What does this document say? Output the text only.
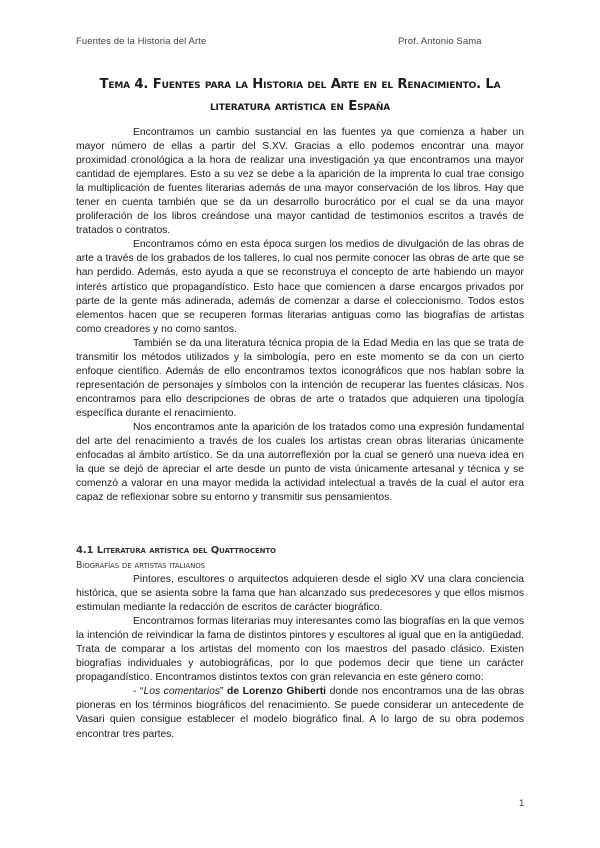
Fuentes de la Historia del Arte	Prof. Antonio Sama
Tema 4. Fuentes para la Historia del Arte en el Renacimiento. La literatura artística en España

Encontramos un cambio sustancial en las fuentes ya que comienza a haber un mayor número de ellas a partir del S.XV. Gracias a ello podemos encontrar una mayor proximidad cronológica a la hora de realizar una investigación ya que encontramos una mayor cantidad de ejemplares. Esto a su vez se debe a la aparición de la imprenta lo cual trae consigo la multiplicación de fuentes literarias además de una mayor conservación de los libros. Hay que tener en cuenta también que se da un desarrollo burocrático por el cual se da una mayor proliferación de los libros creándose una mayor cantidad de testimonios escritos a través de tratados o contratos.

Encontramos cómo en esta época surgen los medios de divulgación de las obras de arte a través de los grabados de los talleres, lo cual nos permite conocer las obras de arte que se han perdido. Además, esto ayuda a que se reconstruya el concepto de arte habiendo un mayor interés artístico que propagandístico. Esto hace que comiencen a darse encargos privados por parte de la gente más adinerada, además de comenzar a darse el coleccionismo. Todos estos elementos hacen que se recuperen formas literarias antiguas como las biografías de artistas como creadores y no como santos.

También se da una literatura técnica propia de la Edad Media en las que se trata de transmitir los métodos utilizados y la simbología, pero en este momento se da con un cierto enfoque científico. Además de ello encontramos textos iconográficos que nos hablan sobre la representación de personajes y símbolos con la intención de recuperar las fuentes clásicas. Nos encontramos para ello descripciones de obras de arte o tratados que adquieren una tipología específica durante el renacimiento.

Nos encontramos ante la aparición de los tratados como una expresión fundamental del arte del renacimiento a través de los cuales los artistas crean obras literarias únicamente enfocadas al ámbito artístico. Se da una autorreflexión por la cual se generó una nueva idea en la que se dejó de apreciar el arte desde un punto de vista únicamente artesanal y técnica y se comenzó a valorar en una mayor medida la actividad intelectual a través de la cual el autor era capaz de reflexionar sobre su entorno y transmitir sus pensamientos.

4.1 Literatura artística del Quattrocento
Biografías de artistas italianos

Pintores, escultores o arquitectos adquieren desde el siglo XV una clara conciencia histórica, que se asienta sobre la fama que han alcanzado sus predecesores y que ellos mismos estimulan mediante la redacción de escritos de carácter biográfico.

Encontramos formas literarias muy interesantes como las biografías en la que vemos la intención de reivindicar la fama de distintos pintores y escultores al igual que en la antigüedad. Trata de comparar a los artistas del momento con los maestros del pasado clásico. Existen biografías individuales y autobiográficas, por lo que podemos decir que tiene un carácter propagandístico. Encontramos distintos textos con gran relevancia en este género como:

- “Los comentarios” de Lorenzo Ghiberti donde nos encontramos una de las obras pioneras en los términos biográficos del renacimiento. Se puede considerar un antecedente de Vasari quien consigue establecer el modelo biográfico final. A lo largo de su obra podemos encontrar tres partes.

1
